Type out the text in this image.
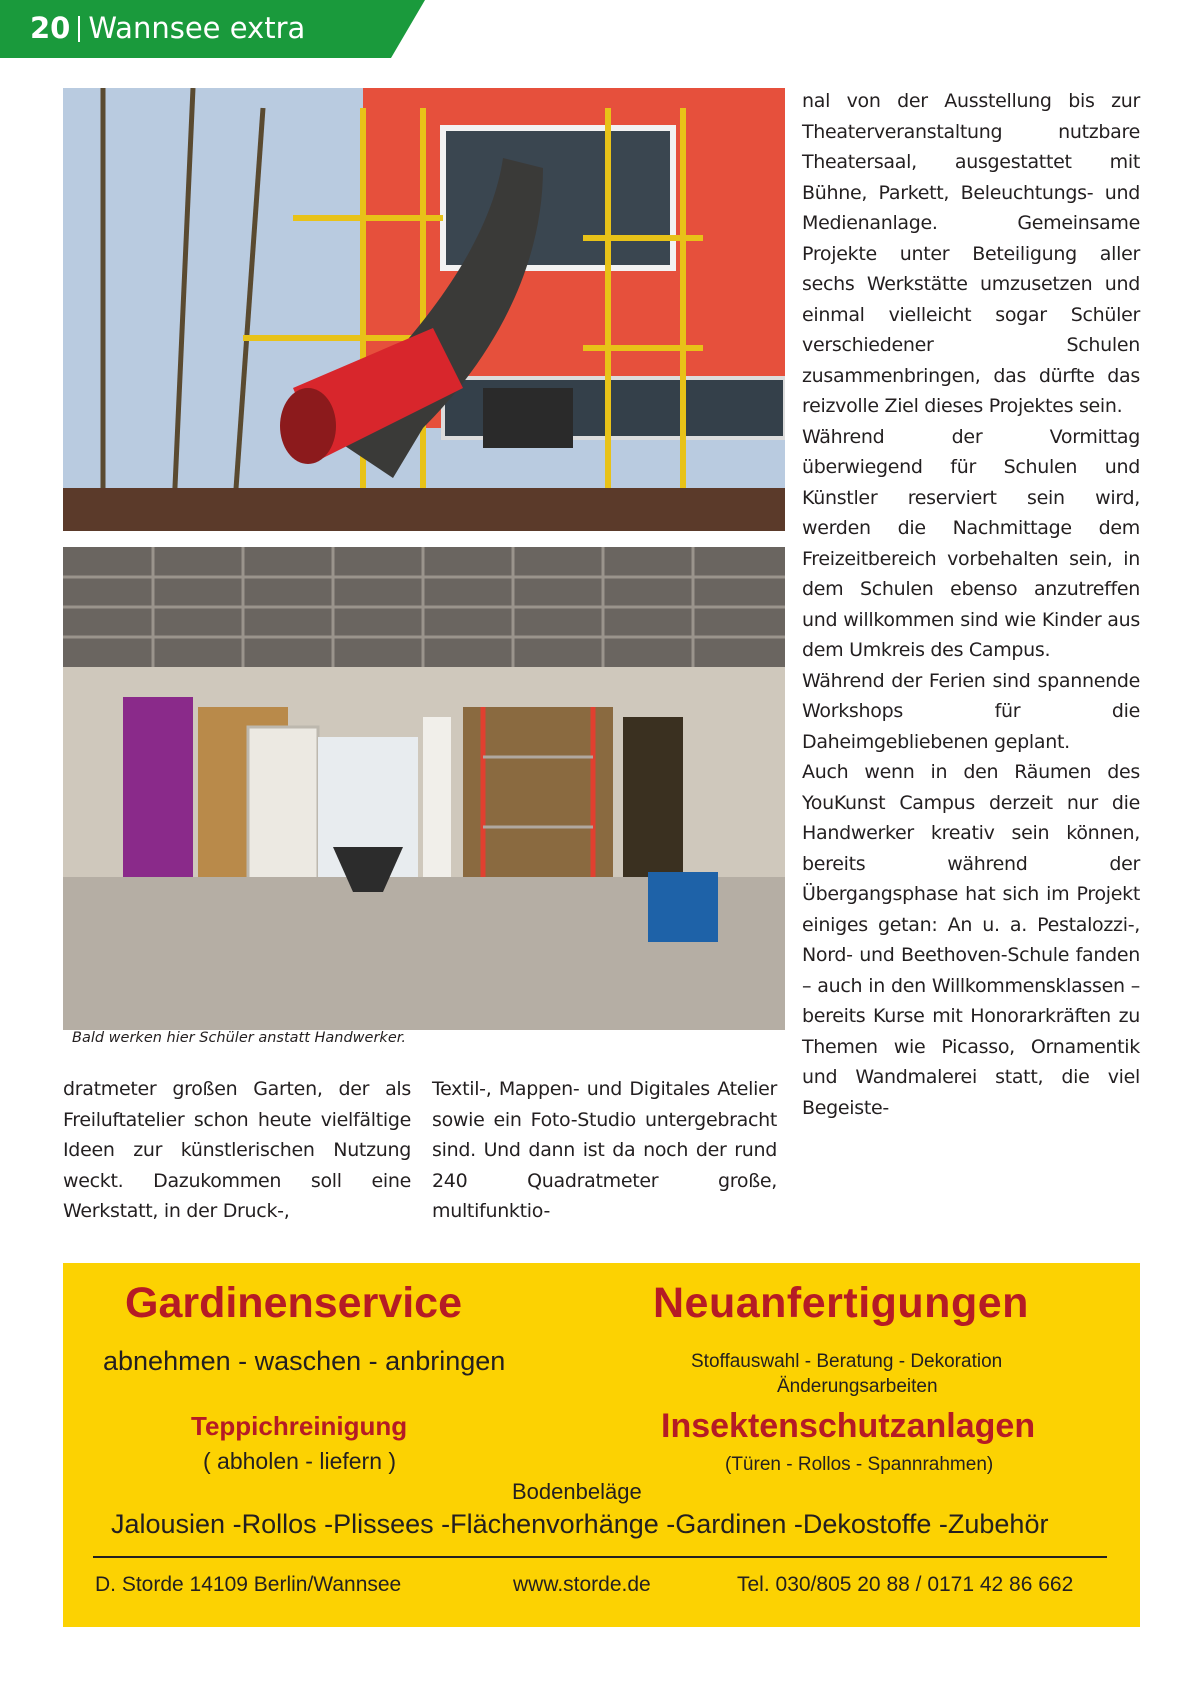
20 Wannsee extra
Bald werken hier Schüler anstatt Handwerker.

nal von der Ausstellung bis zur Theaterveranstaltung nutzbare Theatersaal, ausgestattet mit Bühne, Parkett, Beleuchtungs- und Medienanlage. Gemeinsame Projekte unter Beteiligung aller sechs Werkstätte umzusetzen und einmal vielleicht sogar Schüler verschiedener Schulen zusammenbringen, das dürfte das reizvolle Ziel dieses Projektes sein.

Während der Vormittag überwiegend für Schulen und Künstler reserviert sein wird, werden die Nachmittage dem Freizeitbereich vorbehalten sein, in dem Schulen ebenso anzutreffen und willkommen sind wie Kinder aus dem Umkreis des Campus.

Während der Ferien sind spannende Workshops für die Daheimgebliebenen geplant.

Auch wenn in den Räumen des YouKunst Campus derzeit nur die Handwerker kreativ sein können, bereits während der Übergangsphase hat sich im Projekt einiges getan: An u. a. Pestalozzi-, Nord- und Beethoven-Schule fanden – auch in den Willkommensklassen – bereits Kurse mit Honorarkräften zu Themen wie Picasso, Ornamentik und Wandmalerei statt, die viel Begeiste-

dratmeter großen Garten, der als Freiluftatelier schon heute vielfältige Ideen zur künstlerischen Nutzung weckt. Dazukommen soll eine Werkstatt, in der Druck-,

Textil-, Mappen- und Digitales Atelier sowie ein Foto-Studio untergebracht sind. Und dann ist da noch der rund 240 Quadratmeter große, multifunktio-

Gardinenservice	Neuanfertigungen
abnehmen - waschen - anbringen	Stoffauswahl - Beratung - Dekoration
Änderungsarbeiten
Teppichreinigung	Insektenschutzanlagen
( abholen - liefern )	(Türen - Rollos - Spannrahmen)
Bodenbeläge
Jalousien -Rollos -Plissees -Flächenvorhänge -Gardinen -Dekostoffe -Zubehör
D. Storde 14109 Berlin/Wannsee	www.storde.de	Tel. 030/805 20 88 / 0171 42 86 662
